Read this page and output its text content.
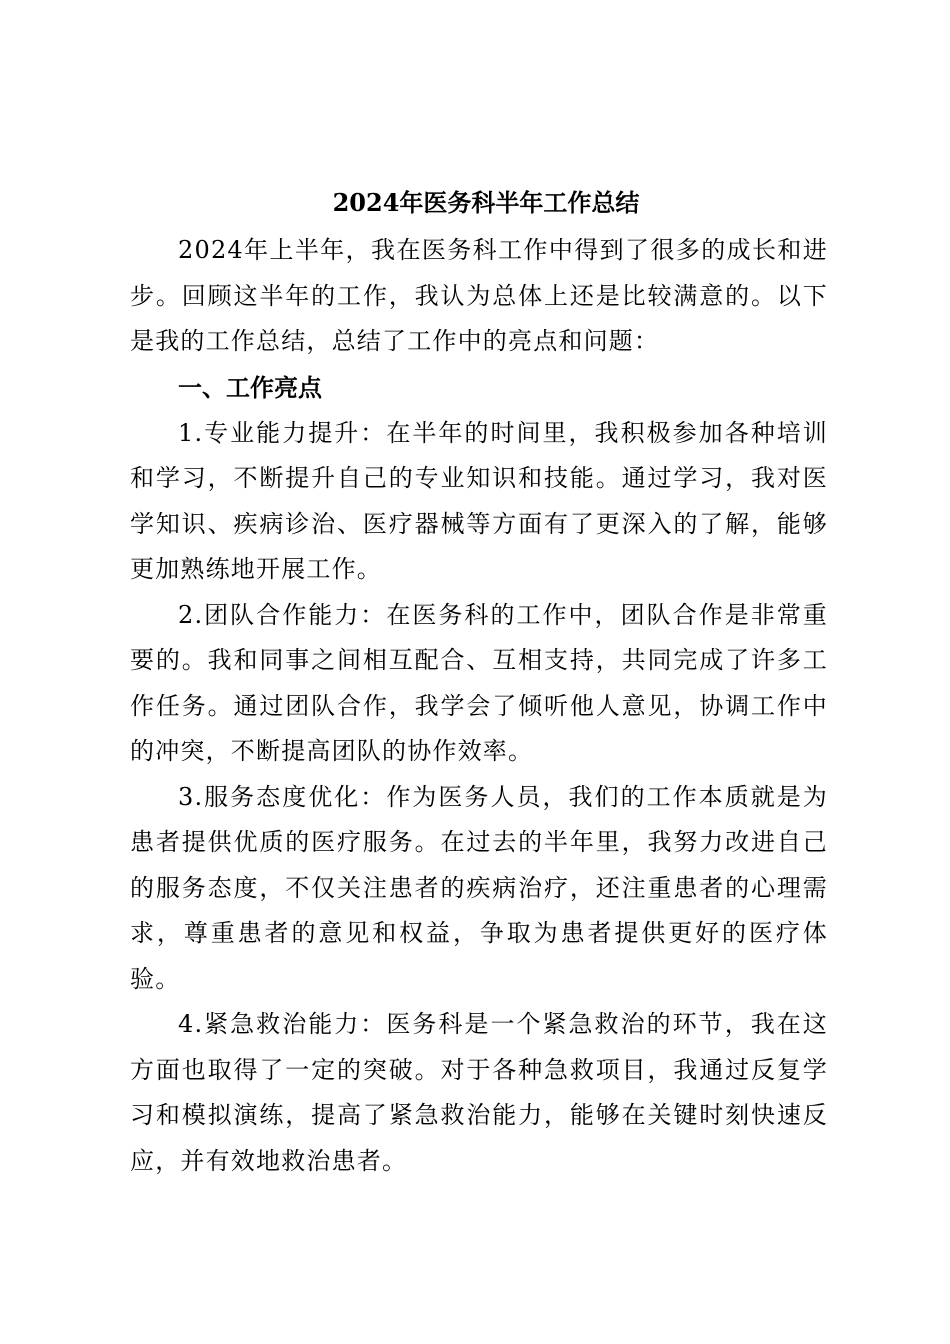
2024年医务科半年工作总结

2024年上半年，我在医务科工作中得到了很多的成长和进步。回顾这半年的工作，我认为总体上还是比较满意的。以下是我的工作总结，总结了工作中的亮点和问题：

一、工作亮点

1.专业能力提升：在半年的时间里，我积极参加各种培训和学习，不断提升自己的专业知识和技能。通过学习，我对医学知识、疾病诊治、医疗器械等方面有了更深入的了解，能够更加熟练地开展工作。

2.团队合作能力：在医务科的工作中，团队合作是非常重要的。我和同事之间相互配合、互相支持，共同完成了许多工作任务。通过团队合作，我学会了倾听他人意见，协调工作中的冲突，不断提高团队的协作效率。

3.服务态度优化：作为医务人员，我们的工作本质就是为患者提供优质的医疗服务。在过去的半年里，我努力改进自己的服务态度，不仅关注患者的疾病治疗，还注重患者的心理需求，尊重患者的意见和权益，争取为患者提供更好的医疗体验。

4.紧急救治能力：医务科是一个紧急救治的环节，我在这方面也取得了一定的突破。对于各种急救项目，我通过反复学习和模拟演练，提高了紧急救治能力，能够在关键时刻快速反应，并有效地救治患者。
